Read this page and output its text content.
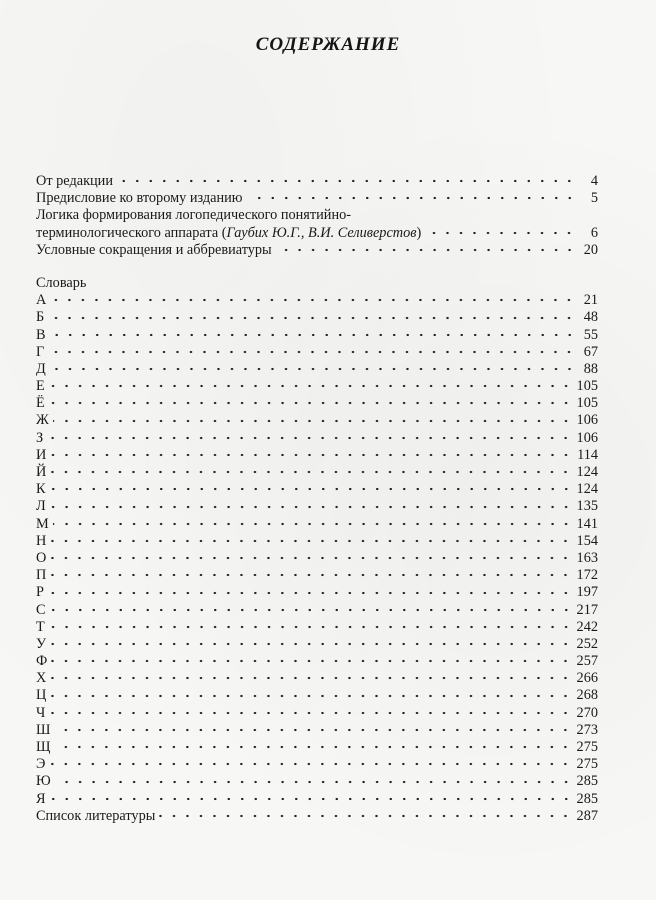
СОДЕРЖАНИЕ
От редакции	4
Предисловие ко второму изданию	5
Логика формирования логопедического понятийно-
терминологического аппарата (Гаубих Ю.Г., В.И. Селиверстов)	6
Условные сокращения и аббревиатуры	20
Словарь
А	21
Б	48
В	55
Г	67
Д	88
Е	105
Ё	105
Ж	106
З	106
И	114
Й	124
К	124
Л	135
М	141
Н	154
О	163
П	172
Р	197
С	217
Т	242
У	252
Ф	257
Х	266
Ц	268
Ч	270
Ш	273
Щ	275
Э	275
Ю	285
Я	285
Список литературы	287
